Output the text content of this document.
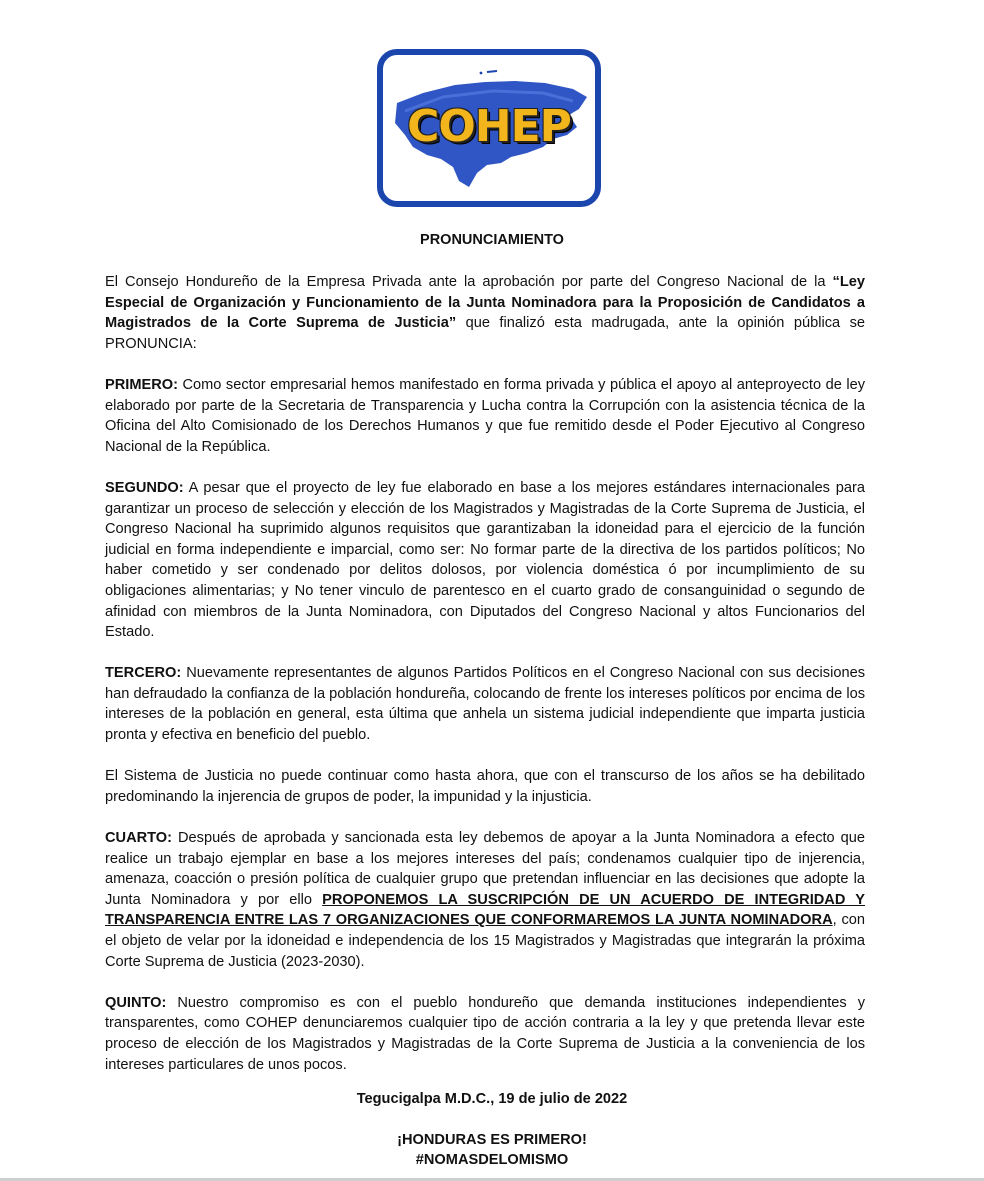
COHEP
PRONUNCIAMIENTO

El Consejo Hondureño de la Empresa Privada ante la aprobación por parte del Congreso Nacional de la “Ley Especial de Organización y Funcionamiento de la Junta Nominadora para la Proposición de Candidatos a Magistrados de la Corte Suprema de Justicia” que finalizó esta madrugada, ante la opinión pública se PRONUNCIA:

PRIMERO: Como sector empresarial hemos manifestado en forma privada y pública el apoyo al anteproyecto de ley elaborado por parte de la Secretaria de Transparencia y Lucha contra la Corrupción con la asistencia técnica de la Oficina del Alto Comisionado de los Derechos Humanos y que fue remitido desde el Poder Ejecutivo al Congreso Nacional de la República.

SEGUNDO: A pesar que el proyecto de ley fue elaborado en base a los mejores estándares internacionales para garantizar un proceso de selección y elección de los Magistrados y Magistradas de la Corte Suprema de Justicia, el Congreso Nacional ha suprimido algunos requisitos que garantizaban la idoneidad para el ejercicio de la función judicial en forma independiente e imparcial, como ser: No formar parte de la directiva de los partidos políticos; No haber cometido y ser condenado por delitos dolosos, por violencia doméstica ó por incumplimiento de su obligaciones alimentarias; y No tener vinculo de parentesco en el cuarto grado de consanguinidad o segundo de afinidad con miembros de la Junta Nominadora, con Diputados del Congreso Nacional y altos Funcionarios del Estado.

TERCERO: Nuevamente representantes de algunos Partidos Políticos en el Congreso Nacional con sus decisiones han defraudado la confianza de la población hondureña, colocando de frente los intereses políticos por encima de los intereses de la población en general, esta última que anhela un sistema judicial independiente que imparta justicia pronta y efectiva en beneficio del pueblo.

El Sistema de Justicia no puede continuar como hasta ahora, que con el transcurso de los años se ha debilitado predominando la injerencia de grupos de poder, la impunidad y la injusticia.

CUARTO: Después de aprobada y sancionada esta ley debemos de apoyar a la Junta Nominadora a efecto que realice un trabajo ejemplar en base a los mejores intereses del país; condenamos cualquier tipo de injerencia, amenaza, coacción o presión política de cualquier grupo que pretendan influenciar en las decisiones que adopte la Junta Nominadora y por ello PROPONEMOS LA SUSCRIPCIÓN DE UN ACUERDO DE INTEGRIDAD Y TRANSPARENCIA ENTRE LAS 7 ORGANIZACIONES QUE CONFORMAREMOS LA JUNTA NOMINADORA, con el objeto de velar por la idoneidad e independencia de los 15 Magistrados y Magistradas que integrarán la próxima Corte Suprema de Justicia (2023-2030).

QUINTO: Nuestro compromiso es con el pueblo hondureño que demanda instituciones independientes y transparentes, como COHEP denunciaremos cualquier tipo de acción contraria a la ley y que pretenda llevar este proceso de elección de los Magistrados y Magistradas de la Corte Suprema de Justicia a la conveniencia de los intereses particulares de unos pocos.

Tegucigalpa M.D.C., 19 de julio de 2022
¡HONDURAS ES PRIMERO!
#NOMASDELOMISMO
